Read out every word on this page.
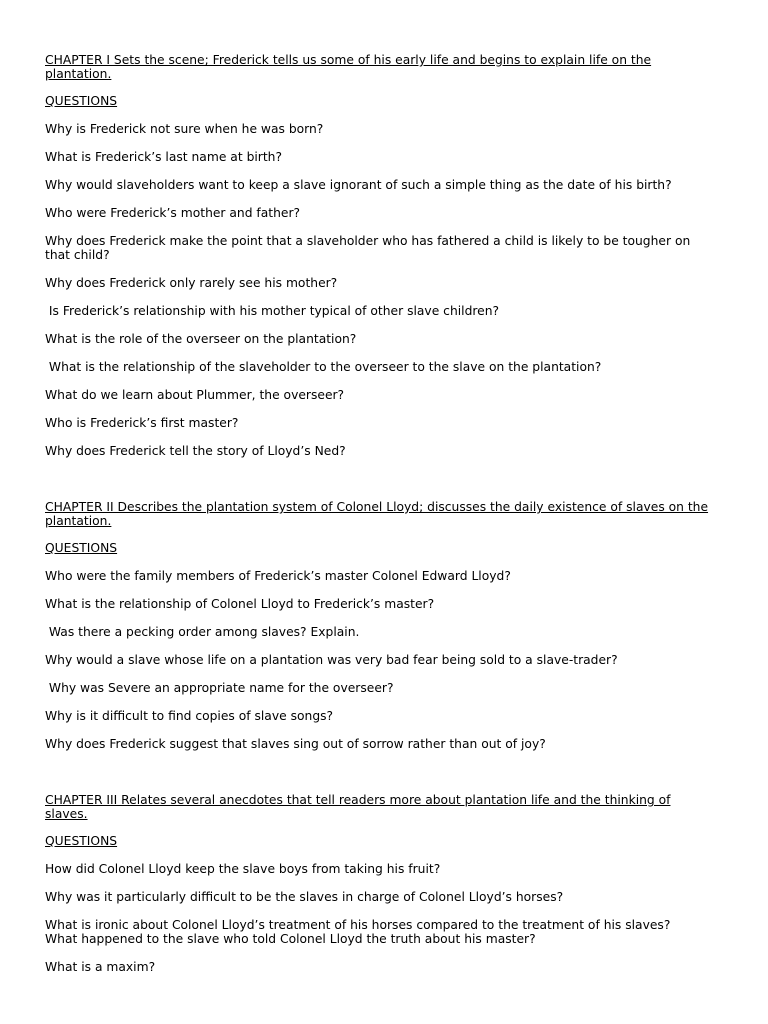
CHAPTER I Sets the scene; Frederick tells us some of his early life and begins to explain life on the plantation.
QUESTIONS
Why is Frederick not sure when he was born?
What is Frederick’s last name at birth?
Why would slaveholders want to keep a slave ignorant of such a simple thing as the date of his birth?
Who were Frederick’s mother and father?
Why does Frederick make the point that a slaveholder who has fathered a child is likely to be tougher on that child?
Why does Frederick only rarely see his mother?
Is Frederick’s relationship with his mother typical of other slave children?
What is the role of the overseer on the plantation?
What is the relationship of the slaveholder to the overseer to the slave on the plantation?
What do we learn about Plummer, the overseer?
Who is Frederick’s first master?
Why does Frederick tell the story of Lloyd’s Ned?
CHAPTER II Describes the plantation system of Colonel Lloyd; discusses the daily existence of slaves on the plantation.
QUESTIONS
Who were the family members of Frederick’s master Colonel Edward Lloyd?
What is the relationship of Colonel Lloyd to Frederick’s master?
Was there a pecking order among slaves? Explain.
Why would a slave whose life on a plantation was very bad fear being sold to a slave-trader?
Why was Severe an appropriate name for the overseer?
Why is it difficult to find copies of slave songs?
Why does Frederick suggest that slaves sing out of sorrow rather than out of joy?
CHAPTER III Relates several anecdotes that tell readers more about plantation life and the thinking of slaves.
QUESTIONS
How did Colonel Lloyd keep the slave boys from taking his fruit?
Why was it particularly difficult to be the slaves in charge of Colonel Lloyd’s horses?
What is ironic about Colonel Lloyd’s treatment of his horses compared to the treatment of his slaves?
What happened to the slave who told Colonel Lloyd the truth about his master?
What is a maxim?
